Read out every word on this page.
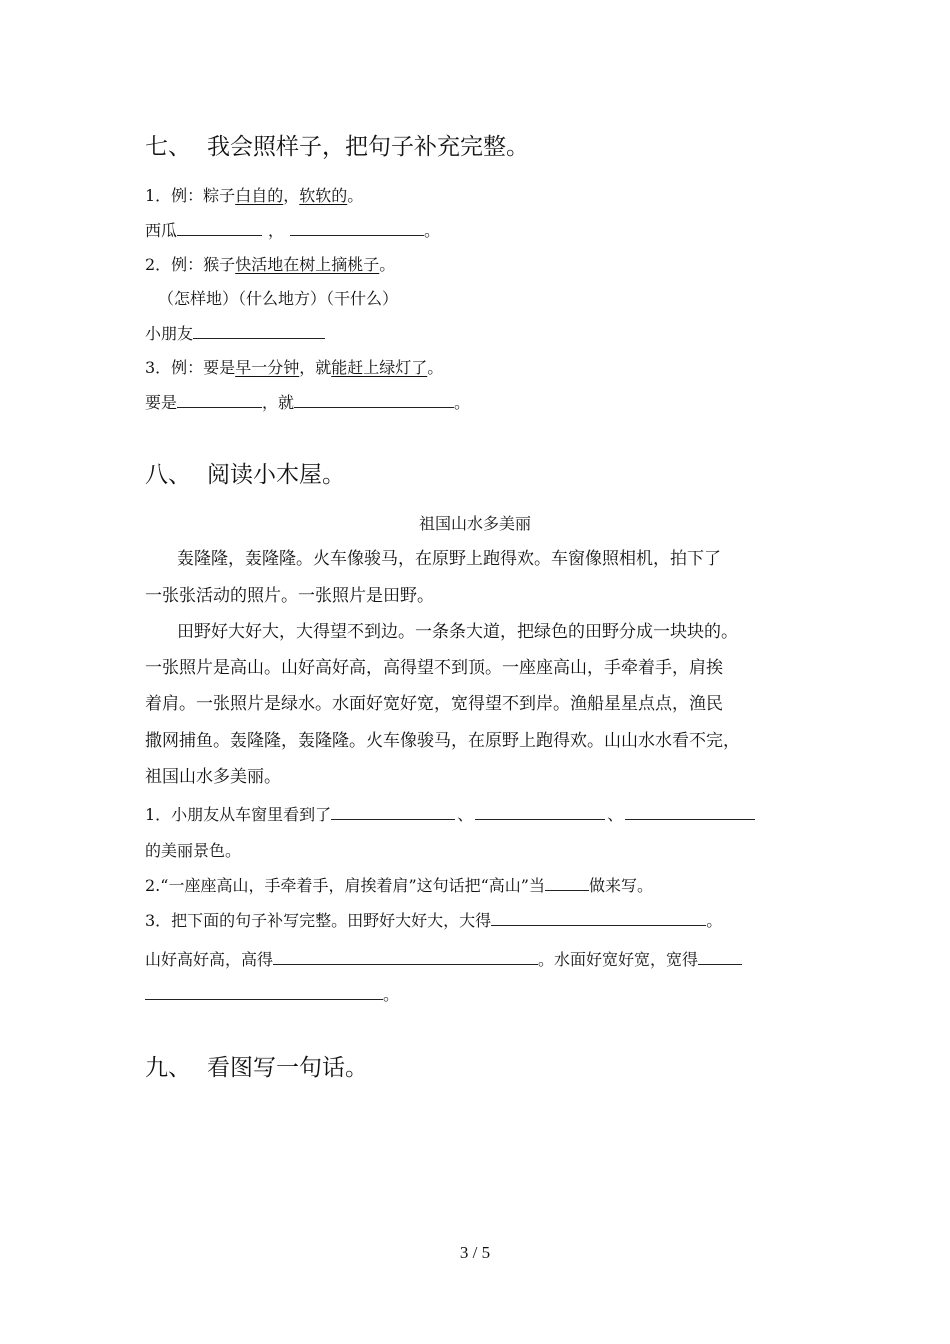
七、 我会照样子，把句子补充完整。
1．例：粽子白自的，软软的。
西瓜	，	。
2．例：猴子快活地在树上摘桃子。
（怎样地）（什么地方）（干什么）
小朋友
3．例：要是早一分钟，就能赶上绿灯了。
要是	，就	。
八、 阅读小木屋。
祖国山水多美丽
轰隆隆，轰隆隆。火车像骏马，在原野上跑得欢。车窗像照相机，拍下了
一张张活动的照片。一张照片是田野。
田野好大好大，大得望不到边。一条条大道，把绿色的田野分成一块块的。
一张照片是高山。山好高好高，高得望不到顶。一座座高山，手牵着手，肩挨
着肩。一张照片是绿水。水面好宽好宽，宽得望不到岸。渔船星星点点，渔民
撒网捕鱼。轰隆隆，轰隆隆。火车像骏马，在原野上跑得欢。山山水水看不完，
祖国山水多美丽。
1．小朋友从车窗里看到了	、	、
的美丽景色。
2.“一座座高山，手牵着手，肩挨着肩”这句话把“高山”当	做来写。
3．把下面的句子补写完整。田野好大好大，大得	。
山好高好高，高得	。水面好宽好宽，宽得
。
九、 看图写一句话。
3 / 5
